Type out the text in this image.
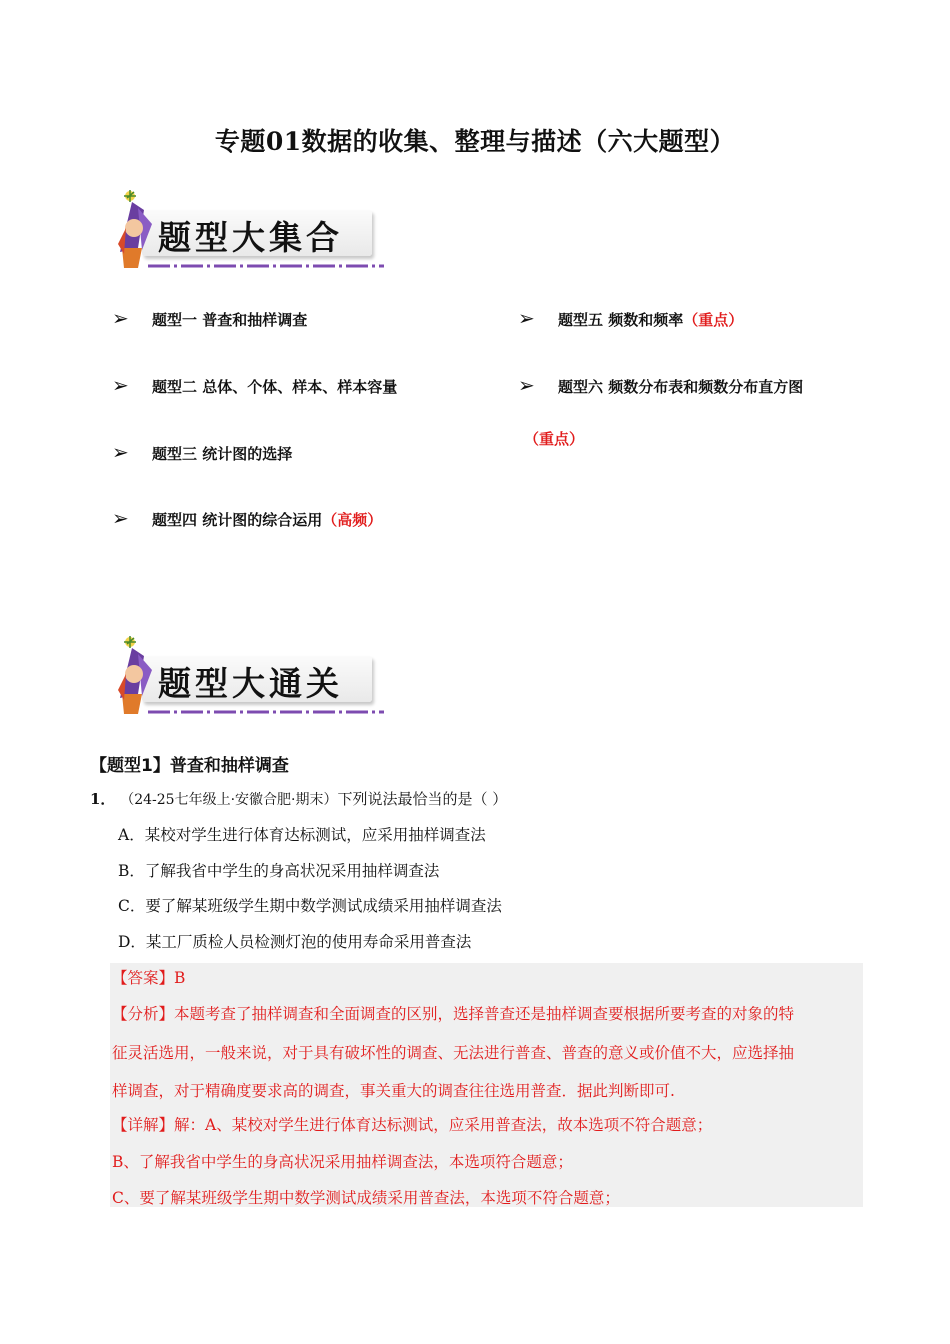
专题01数据的收集、整理与描述（六大题型）
题型大集合
➢ 题型一 普查和抽样调查
➢ 题型二 总体、个体、样本、样本容量
➢ 题型三 统计图的选择
➢ 题型四 统计图的综合运用（高频）
➢ 题型五 频数和频率（重点）
➢ 题型六 频数分布表和频数分布直方图
（重点）
题型大通关
【题型1】普查和抽样调查
1． （24-25七年级上·安徽合肥·期末）下列说法最恰当的是（ ）
A．某校对学生进行体育达标测试，应采用抽样调查法
B．了解我省中学生的身高状况采用抽样调查法
C．要了解某班级学生期中数学测试成绩采用抽样调查法
D．某工厂质检人员检测灯泡的使用寿命采用普查法
【答案】B
【分析】本题考查了抽样调查和全面调查的区别，选择普查还是抽样调查要根据所要考查的对象的特
征灵活选用，一般来说，对于具有破坏性的调查、无法进行普查、普查的意义或价值不大，应选择抽
样调查，对于精确度要求高的调查，事关重大的调查往往选用普查．据此判断即可.
【详解】解：A、某校对学生进行体育达标测试，应采用普查法，故本选项不符合题意；
B、了解我省中学生的身高状况采用抽样调查法，本选项符合题意；
C、要了解某班级学生期中数学测试成绩采用普查法，本选项不符合题意；
